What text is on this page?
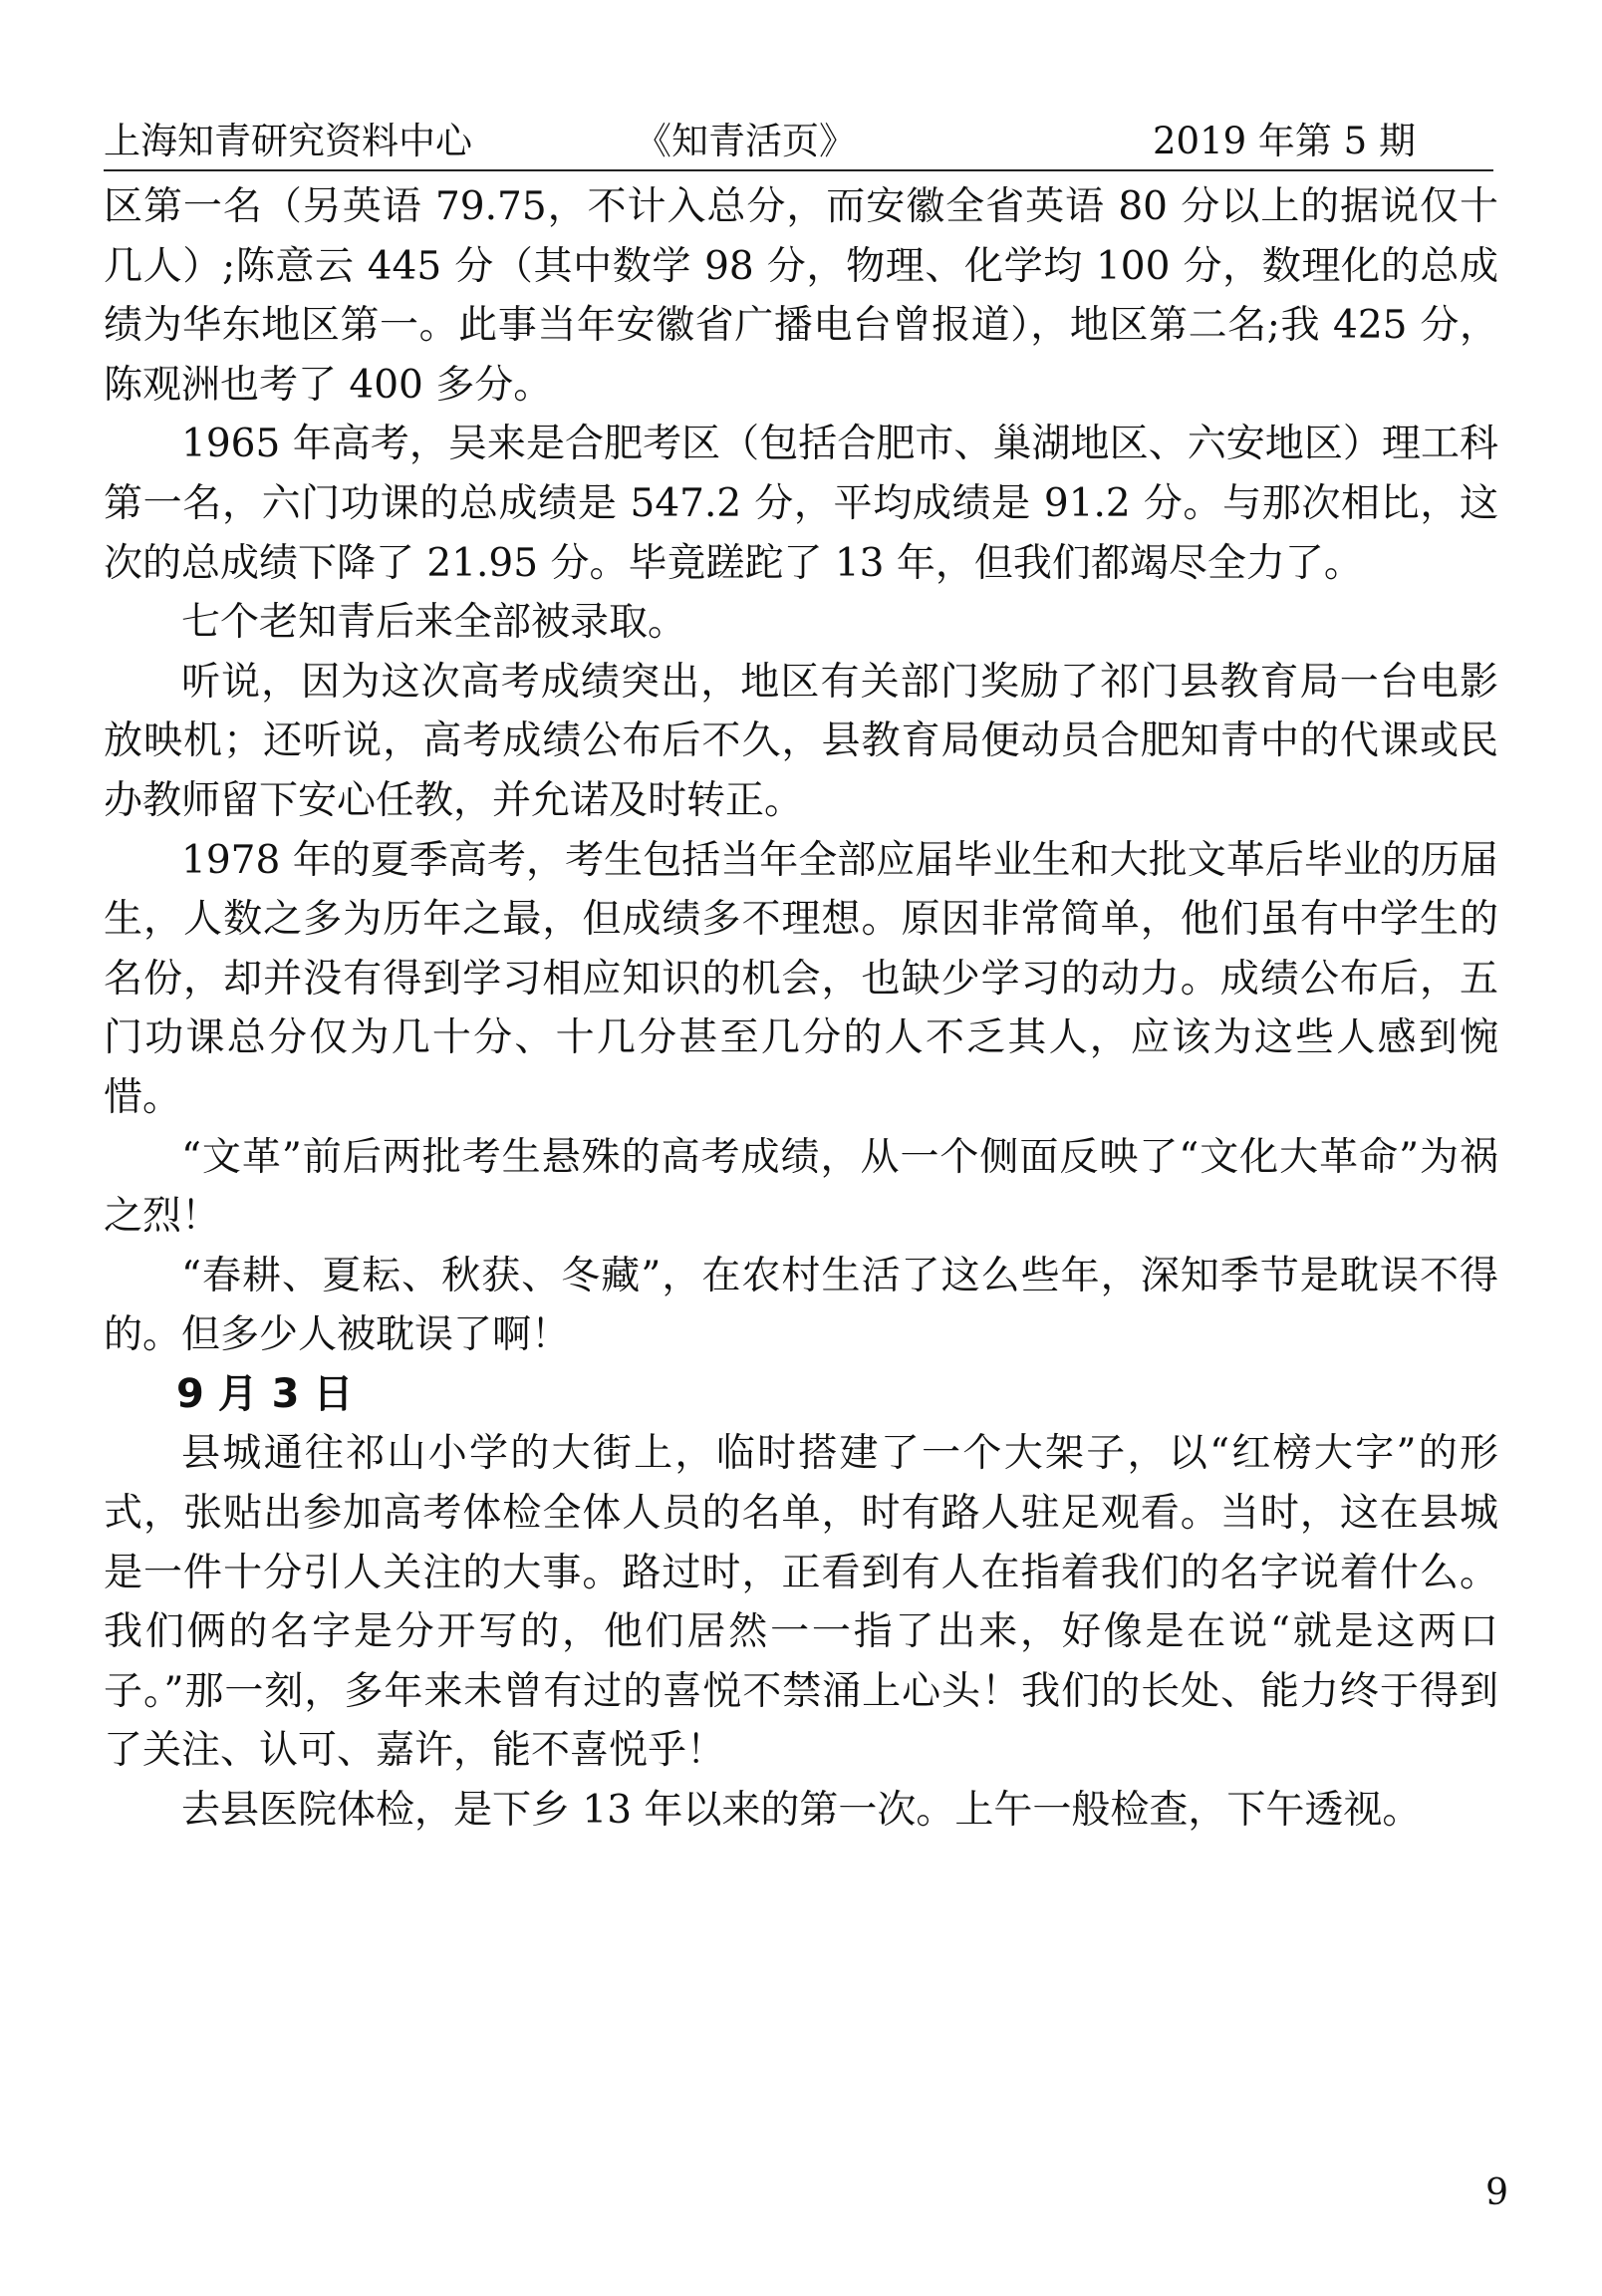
上海知青研究资料中心	《知青活页》	2019 年第 5 期

区第一名（另英语 79.75，不计入总分，而安徽全省英语 80 分以上的据说仅十几人）;陈意云 445 分（其中数学 98 分，物理、化学均 100 分，数理化的总成绩为华东地区第一。此事当年安徽省广播电台曾报道），地区第二名;我 425 分，陈观洲也考了 400 多分。

1965 年高考，吴来是合肥考区（包括合肥市、巢湖地区、六安地区）理工科第一名，六门功课的总成绩是 547.2 分，平均成绩是 91.2 分。与那次相比，这次的总成绩下降了 21.95 分。毕竟蹉跎了 13 年，但我们都竭尽全力了。

七个老知青后来全部被录取。

听说，因为这次高考成绩突出，地区有关部门奖励了祁门县教育局一台电影放映机；还听说，高考成绩公布后不久，县教育局便动员合肥知青中的代课或民办教师留下安心任教，并允诺及时转正。

1978 年的夏季高考，考生包括当年全部应届毕业生和大批文革后毕业的历届生，人数之多为历年之最，但成绩多不理想。原因非常简单，他们虽有中学生的名份，却并没有得到学习相应知识的机会，也缺少学习的动力。成绩公布后，五门功课总分仅为几十分、十几分甚至几分的人不乏其人，应该为这些人感到惋惜。

“文革”前后两批考生悬殊的高考成绩，从一个侧面反映了“文化大革命”为祸之烈！

“春耕、夏耘、秋获、冬藏”，在农村生活了这么些年，深知季节是耽误不得的。但多少人被耽误了啊！

9 月 3 日

县城通往祁山小学的大街上，临时搭建了一个大架子，以“红榜大字”的形式，张贴出参加高考体检全体人员的名单，时有路人驻足观看。当时，这在县城是一件十分引人关注的大事。路过时，正看到有人在指着我们的名字说着什么。我们俩的名字是分开写的，他们居然一一指了出来，好像是在说“就是这两口子。”那一刻，多年来未曾有过的喜悦不禁涌上心头！我们的长处、能力终于得到了关注、认可、嘉许，能不喜悦乎！

去县医院体检，是下乡 13 年以来的第一次。上午一般检查，下午透视。

9
